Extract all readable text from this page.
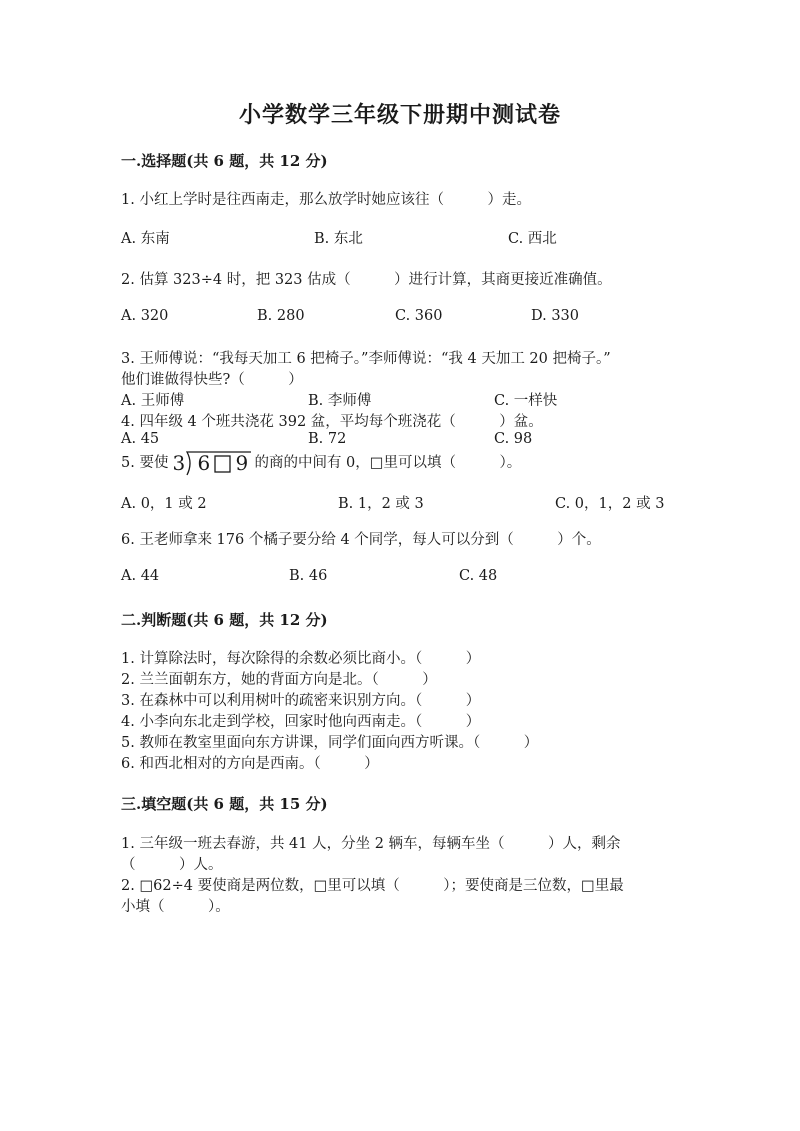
小学数学三年级下册期中测试卷
一.选择题(共 6 题，共 12 分)
1. 小红上学时是往西南走，那么放学时她应该往（　　　）走。
A. 东南	B. 东北	C. 西北
2. 估算 323÷4 时，把 323 估成（　　　）进行计算，其商更接近准确值。
A. 320	B. 280	C. 360	D. 330
3. 王师傅说：“我每天加工 6 把椅子。”李师傅说：“我 4 天加工 20 把椅子。”
他们谁做得快些?（　　　）
A. 王师傅	B. 李师傅	C. 一样快
4. 四年级 4 个班共浇花 392 盆，平均每个班浇花（　　　）盆。
A. 45	B. 72	C. 98
5. 要使 3 6 9 的商的中间有 0，□里可以填（　　　）。
A. 0，1 或 2	B. 1，2 或 3	C. 0，1，2 或 3
6. 王老师拿来 176 个橘子要分给 4 个同学，每人可以分到（　　　）个。
A. 44	B. 46	C. 48
二.判断题(共 6 题，共 12 分)
1. 计算除法时，每次除得的余数必须比商小。（　　　）
2. 兰兰面朝东方，她的背面方向是北。（　　　）
3. 在森林中可以利用树叶的疏密来识别方向。（　　　）
4. 小李向东北走到学校，回家时他向西南走。（　　　）
5. 教师在教室里面向东方讲课，同学们面向西方听课。（　　　）
6. 和西北相对的方向是西南。（　　　）
三.填空题(共 6 题，共 15 分)
1. 三年级一班去春游，共 41 人，分坐 2 辆车，每辆车坐（　　　）人，剩余
（　　　）人。
2. □62÷4 要使商是两位数，□里可以填（　　　）；要使商是三位数，□里最
小填（　　　）。
